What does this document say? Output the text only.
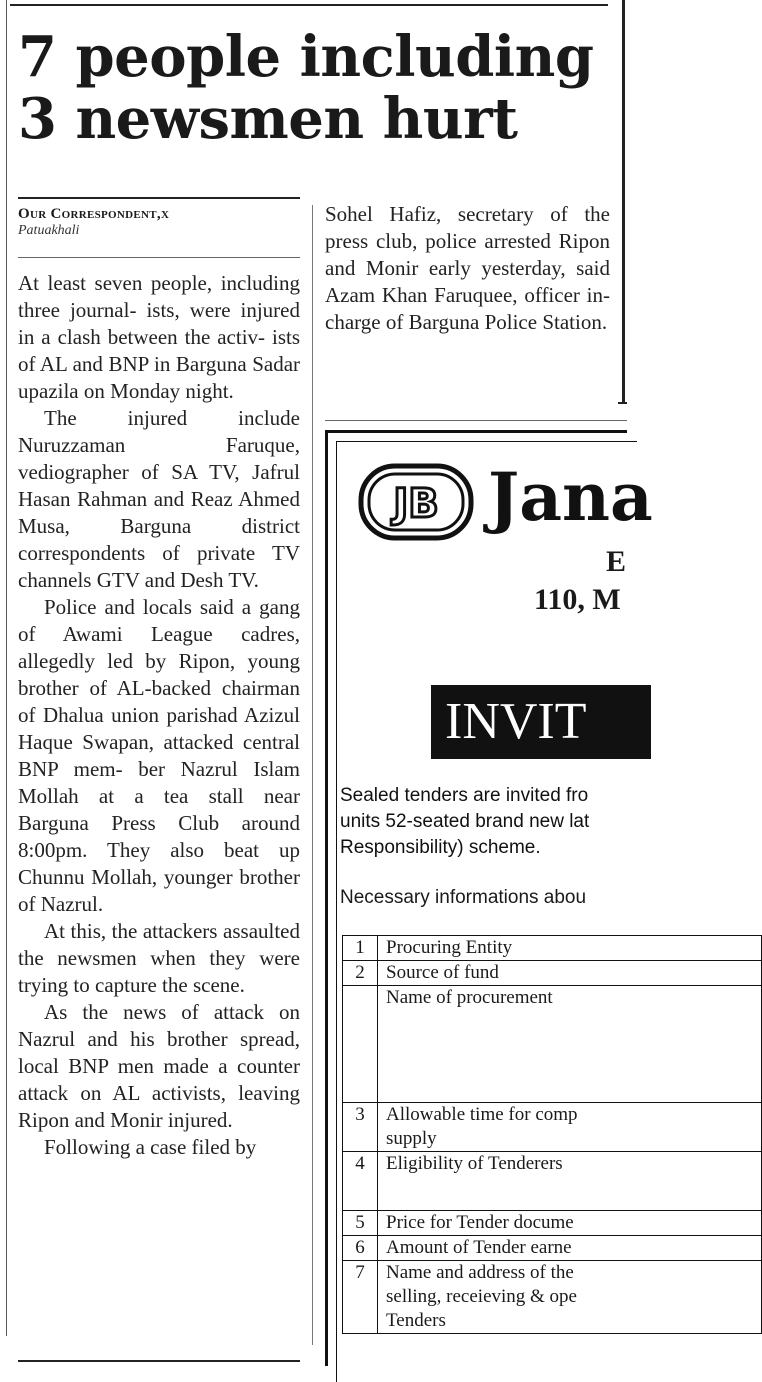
7 people including
3 newsmen hurt
Our Correspondent,x
Patuakhali

At least seven people, including three journal- ists, were injured in a clash between the activ- ists of AL and BNP in Barguna Sadar upazila on Monday night.

The injured include Nuruzzaman Faruque, vediographer of SA TV, Jafrul Hasan Rahman and Reaz Ahmed Musa, Barguna district correspondents of private TV channels GTV and Desh TV.

Police and locals said a gang of Awami League cadres, allegedly led by Ripon, young brother of AL-backed chairman of Dhalua union parishad Azizul Haque Swapan, attacked central BNP mem- ber Nazrul Islam Mollah at a tea stall near Barguna Press Club around 8:00pm. They also beat up Chunnu Mollah, younger brother of Nazrul.

At this, the attackers assaulted the newsmen when they were trying to capture the scene.

As the news of attack on Nazrul and his brother spread, local BNP men made a counter attack on AL activists, leaving Ripon and Monir injured.

Following a case filed by

Sohel Hafiz, secretary of the press club, police arrested Ripon and Monir early yesterday, said Azam Khan Faruquee, officer in- charge of Barguna Police Station.

JB Jana
E
110, M
INVIT
Sealed tenders are invited fro
units 52-seated brand new lat
Responsibility) scheme.
Necessary informations abou
1	Procuring Entity

2	Source of fund

	Name of procurement

3	Allowable time for comp
supply

4	Eligibility of Tenderers

5	Price for Tender docume

6	Amount of Tender earne

7	Name and address of the
selling, receieving & ope
Tenders
